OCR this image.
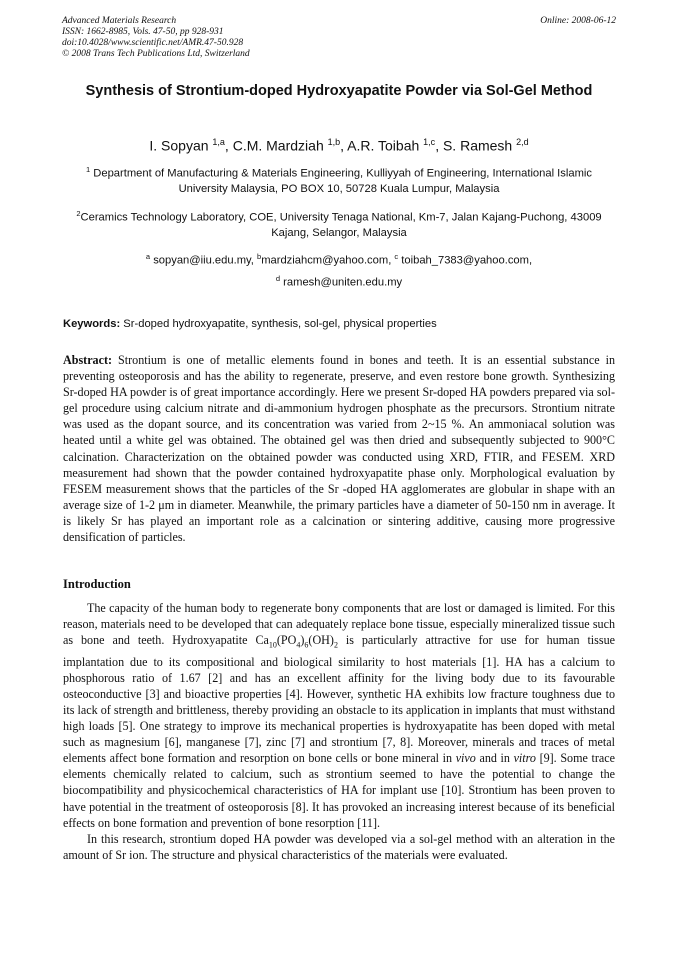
Advanced Materials Research
ISSN: 1662-8985, Vols. 47-50, pp 928-931
doi:10.4028/www.scientific.net/AMR.47-50.928
© 2008 Trans Tech Publications Ltd, Switzerland
Online: 2008-06-12
Synthesis of Strontium-doped Hydroxyapatite Powder via Sol-Gel Method
I. Sopyan $^{1,a}$, C.M. Mardziah $^{1,b}$, A.R. Toibah $^{1,c}$, S. Ramesh $^{2,d}$
$^1$ Department of Manufacturing & Materials Engineering, Kulliyyah of Engineering, International Islamic University Malaysia, PO BOX 10, 50728 Kuala Lumpur, Malaysia
$^2$Ceramics Technology Laboratory, COE, University Tenaga National, Km-7, Jalan Kajang-Puchong, 43009 Kajang, Selangor, Malaysia
$^a$ sopyan@iiu.edu.my, $^b$mardziahcm@yahoo.com, $^c$ toibah_7383@yahoo.com,
$^d$ ramesh@uniten.edu.my
Keywords: Sr-doped hydroxyapatite, synthesis, sol-gel, physical properties
Abstract: Strontium is one of metallic elements found in bones and teeth. It is an essential substance in preventing osteoporosis and has the ability to regenerate, preserve, and even restore bone growth. Synthesizing Sr-doped HA powder is of great importance accordingly. Here we present Sr-doped HA powders prepared via sol-gel procedure using calcium nitrate and di-ammonium hydrogen phosphate as the precursors. Strontium nitrate was used as the dopant source, and its concentration was varied from 2~15 %. An ammoniacal solution was heated until a white gel was obtained. The obtained gel was then dried and subsequently subjected to 900°C calcination. Characterization on the obtained powder was conducted using XRD, FTIR, and FESEM. XRD measurement had shown that the powder contained hydroxyapatite phase only. Morphological evaluation by FESEM measurement shows that the particles of the Sr -doped HA agglomerates are globular in shape with an average size of 1-2 μm in diameter. Meanwhile, the primary particles have a diameter of 50-150 nm in average. It is likely Sr has played an important role as a calcination or sintering additive, causing more progressive densification of particles.
Introduction

The capacity of the human body to regenerate bony components that are lost or damaged is limited. For this reason, materials need to be developed that can adequately replace bone tissue, especially mineralized tissue such as bone and teeth. Hydroxyapatite $Ca_{10}(PO_4)_6(OH)_2$ is particularly attractive for use for human tissue implantation due to its compositional and biological similarity to host materials [1]. HA has a calcium to phosphorous ratio of 1.67 [2] and has an excellent affinity for the living body due to its favourable osteoconductive [3] and bioactive properties [4]. However, synthetic HA exhibits low fracture toughness due to its lack of strength and brittleness, thereby providing an obstacle to its application in implants that must withstand high loads [5]. One strategy to improve its mechanical properties is hydroxyapatite has been doped with metal such as magnesium [6], manganese [7], zinc [7] and strontium [7, 8]. Moreover, minerals and traces of metal elements affect bone formation and resorption on bone cells or bone mineral in vivo and in vitro [9]. Some trace elements chemically related to calcium, such as strontium seemed to have the potential to change the biocompatibility and physicochemical characteristics of HA for implant use [10]. Strontium has been proven to have potential in the treatment of osteoporosis [8]. It has provoked an increasing interest because of its beneficial effects on bone formation and prevention of bone resorption [11].

In this research, strontium doped HA powder was developed via a sol-gel method with an alteration in the amount of Sr ion. The structure and physical characteristics of the materials were evaluated.
